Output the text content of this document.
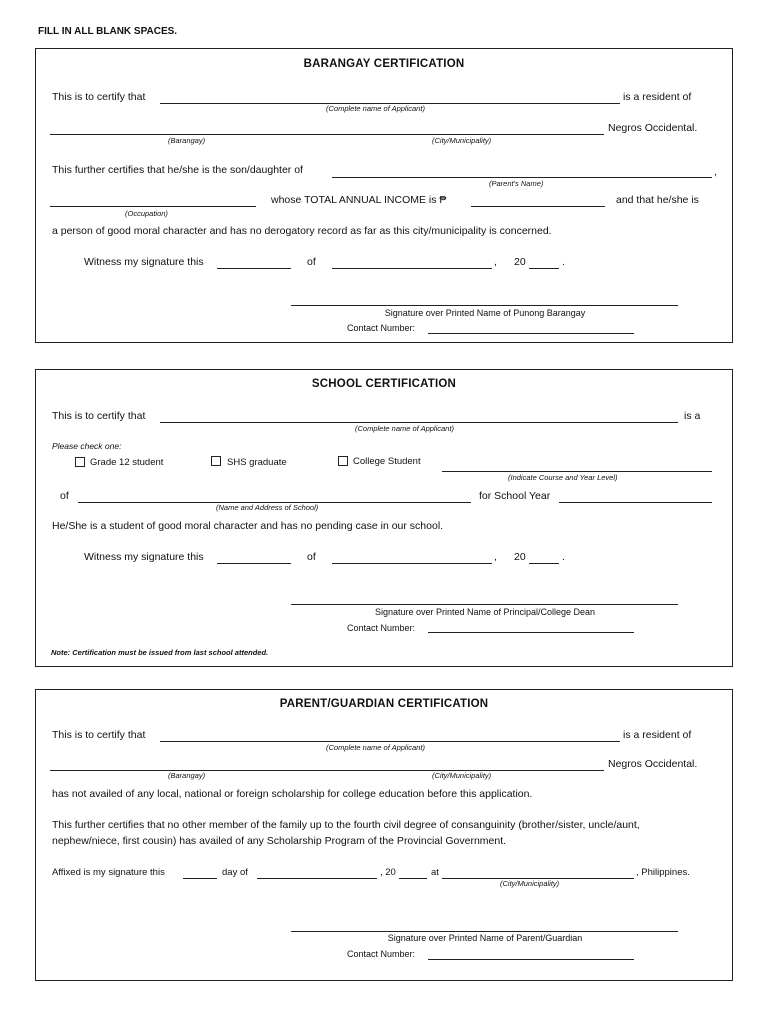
FILL IN ALL BLANK SPACES.
BARANGAY CERTIFICATION
This is to certify that	is a resident of
(Complete name of Applicant)
Negros Occidental.
(Barangay)	(City/Municipality)
This further certifies that he/she is the son/daughter of	,
(Parent's Name)
whose TOTAL ANNUAL INCOME is ₱	and that he/she is
(Occupation)
a person of good moral character and has no derogatory record as far as this city/municipality is concerned.
Witness my signature this	of	, 20	.
Signature over Printed Name of Punong Barangay
Contact Number:
SCHOOL CERTIFICATION
This is to certify that	is a
(Complete name of Applicant)
Please check one:
Grade 12 student	SHS graduate	College Student
(Indicate Course and Year Level)
of	for School Year
(Name and Address of School)
He/She is a student of good moral character and has no pending case in our school.
Witness my signature this	of	, 20	.
Signature over Printed Name of Principal/College Dean
Contact Number:
Note: Certification must be issued from last school attended.
PARENT/GUARDIAN CERTIFICATION
This is to certify that	is a resident of
(Complete name of Applicant)
Negros Occidental.
(Barangay)	(City/Municipality)
has not availed of any local, national or foreign scholarship for college education before this application.
This further certifies that no other member of the family up to the fourth civil degree of consanguinity (brother/sister, uncle/aunt,
nephew/niece, first cousin) has availed of any Scholarship Program of the Provincial Government.
Affixed is my signature this	day of	, 20	at	, Philippines.
(City/Municipality)
Signature over Printed Name of Parent/Guardian
Contact Number:
